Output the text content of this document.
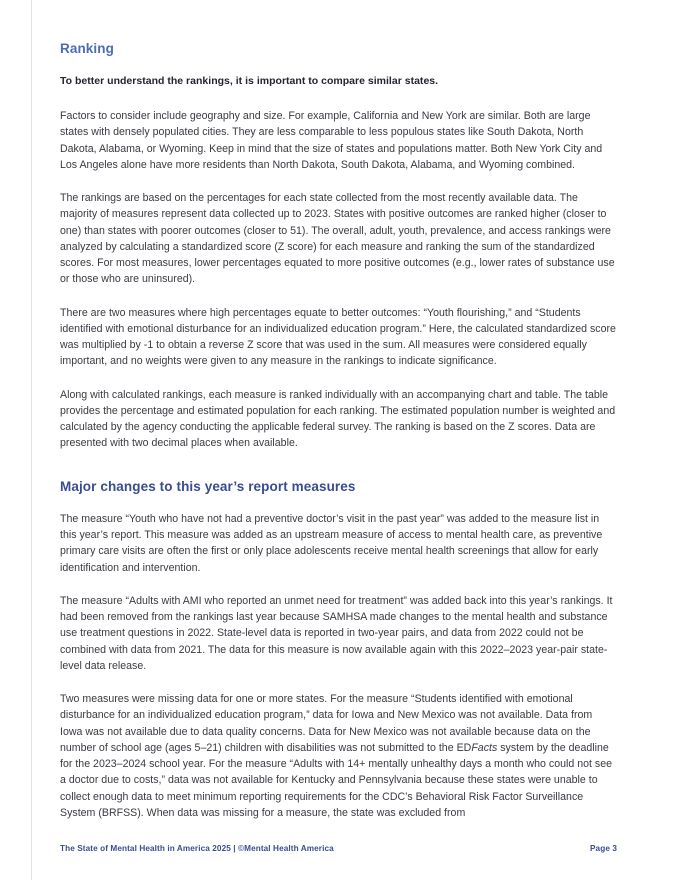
Ranking

To better understand the rankings, it is important to compare similar states.

Factors to consider include geography and size. For example, California and New York are similar. Both are large states with densely populated cities. They are less comparable to less populous states like South Dakota, North Dakota, Alabama, or Wyoming. Keep in mind that the size of states and populations matter. Both New York City and Los Angeles alone have more residents than North Dakota, South Dakota, Alabama, and Wyoming combined.

The rankings are based on the percentages for each state collected from the most recently available data. The majority of measures represent data collected up to 2023. States with positive outcomes are ranked higher (closer to one) than states with poorer outcomes (closer to 51). The overall, adult, youth, prevalence, and access rankings were analyzed by calculating a standardized score (Z score) for each measure and ranking the sum of the standardized scores. For most measures, lower percentages equated to more positive outcomes (e.g., lower rates of substance use or those who are uninsured).

There are two measures where high percentages equate to better outcomes: “Youth flourishing,” and “Students identified with emotional disturbance for an individualized education program.” Here, the calculated standardized score was multiplied by -1 to obtain a reverse Z score that was used in the sum. All measures were considered equally important, and no weights were given to any measure in the rankings to indicate significance.

Along with calculated rankings, each measure is ranked individually with an accompanying chart and table. The table provides the percentage and estimated population for each ranking. The estimated population number is weighted and calculated by the agency conducting the applicable federal survey. The ranking is based on the Z scores. Data are presented with two decimal places when available.

Major changes to this year’s report measures

The measure “Youth who have not had a preventive doctor’s visit in the past year” was added to the measure list in this year’s report. This measure was added as an upstream measure of access to mental health care, as preventive primary care visits are often the first or only place adolescents receive mental health screenings that allow for early identification and intervention.

The measure “Adults with AMI who reported an unmet need for treatment” was added back into this year’s rankings. It had been removed from the rankings last year because SAMHSA made changes to the mental health and substance use treatment questions in 2022. State-level data is reported in two-year pairs, and data from 2022 could not be combined with data from 2021. The data for this measure is now available again with this 2022–2023 year-pair state-level data release.

Two measures were missing data for one or more states. For the measure “Students identified with emotional disturbance for an individualized education program,” data for Iowa and New Mexico was not available. Data from Iowa was not available due to data quality concerns. Data for New Mexico was not available because data on the number of school age (ages 5–21) children with disabilities was not submitted to the EDFacts system by the deadline for the 2023–2024 school year. For the measure “Adults with 14+ mentally unhealthy days a month who could not see a doctor due to costs,” data was not available for Kentucky and Pennsylvania because these states were unable to collect enough data to meet minimum reporting requirements for the CDC’s Behavioral Risk Factor Surveillance System (BRFSS). When data was missing for a measure, the state was excluded from

The State of Mental Health in America 2025 | ©Mental Health America	Page 3
